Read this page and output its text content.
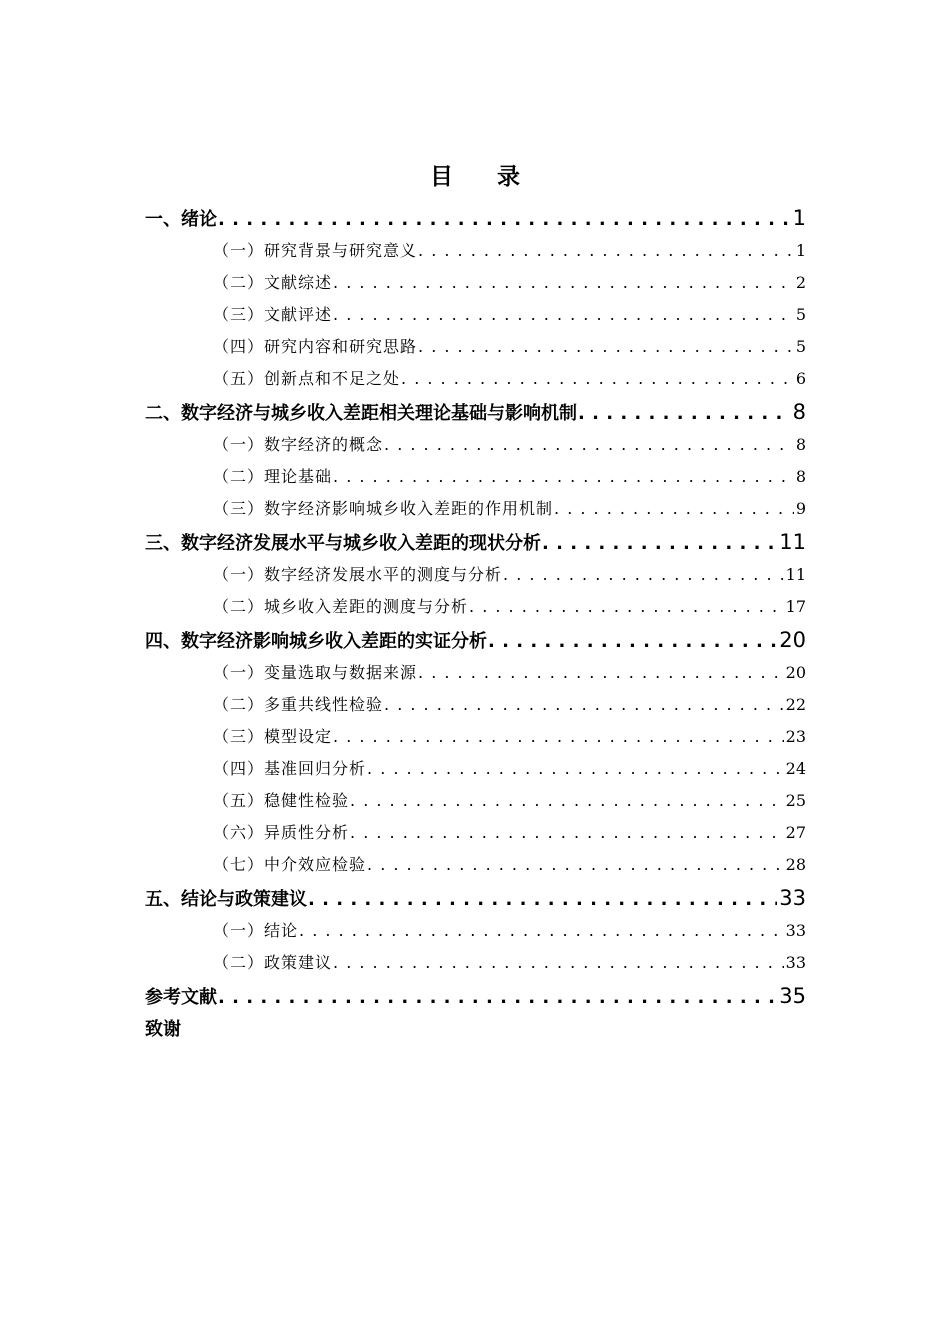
目录
一、绪论 . . .	1
（一）研究背景与研究意义 . . .	1
（二）文献综述 . . .	2
（三）文献评述 . . .	5
（四）研究内容和研究思路 . . .	5
（五）创新点和不足之处 . . .	6
二、数字经济与城乡收入差距相关理论基础与影响机制 . . .	8
（一）数字经济的概念 . . .	8
（二）理论基础 . . .	8
（三）数字经济影响城乡收入差距的作用机制 . . .	9
三、数字经济发展水平与城乡收入差距的现状分析 . . .	11
（一）数字经济发展水平的测度与分析 . . .	11
（二）城乡收入差距的测度与分析 . . .	17
四、数字经济影响城乡收入差距的实证分析 . . .	20
（一）变量选取与数据来源 . . .	20
（二）多重共线性检验 . . .	22
（三）模型设定 . . .	23
（四）基准回归分析 . . .	24
（五）稳健性检验 . . .	25
（六）异质性分析 . . .	27
（七）中介效应检验 . . .	28
五、结论与政策建议 . . .	33
（一）结论 . . .	33
（二）政策建议 . . .	33
参考文献 . . .	35
致谢
